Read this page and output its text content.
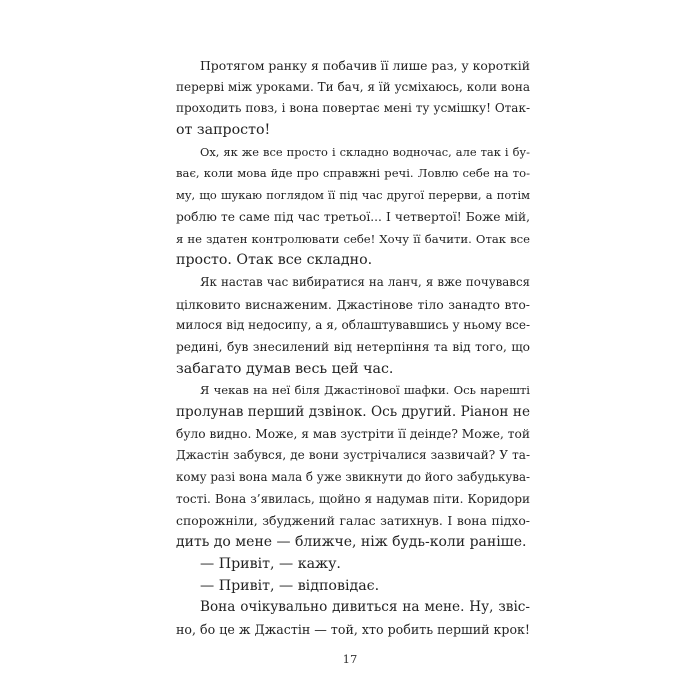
Протягом ранку я побачив її лише раз, у короткій
перерві між уроками. Ти бач, я їй усміхаюсь, коли вона
проходить повз, і вона повертає мені ту усмішку! Отак-
от запросто!
Ох, як же все просто і складно водночас, але так і бу-
ває, коли мова йде про справжні речі. Ловлю себе на то-
му, що шукаю поглядом її під час другої перерви, а потім
роблю те саме під час третьої... І четвертої! Боже мій,
я не здатен контролювати себе! Хочу її бачити. Отак все
просто. Отак все складно.
Як настав час вибиратися на ланч, я вже почувався
цілковито виснаженим. Джастінове тіло занадто вто-
милося від недосипу, а я, облаштувавшись у ньому все-
редині, був знесилений від нетерпіння та від того, що
забагато думав весь цей час.
Я чекав на неї біля Джастінової шафки. Ось нарешті
пролунав перший дзвінок. Ось другий. Ріанон не
було видно. Може, я мав зустріти її деінде? Може, той
Джастін забувся, де вони зустрічалися зазвичай? У та-
кому разі вона мала б уже звикнути до його забудькува-
тості. Вона з’явилась, щойно я надумав піти. Коридори
спорожніли, збуджений галас затихнув. І вона підхо-
дить до мене — ближче, ніж будь-коли раніше.
— Привіт, — кажу.
— Привіт, — відповідає.
Вона очікувально дивиться на мене. Ну, звіс-
но, бо це ж Джастін — той, хто робить перший крок!
17
